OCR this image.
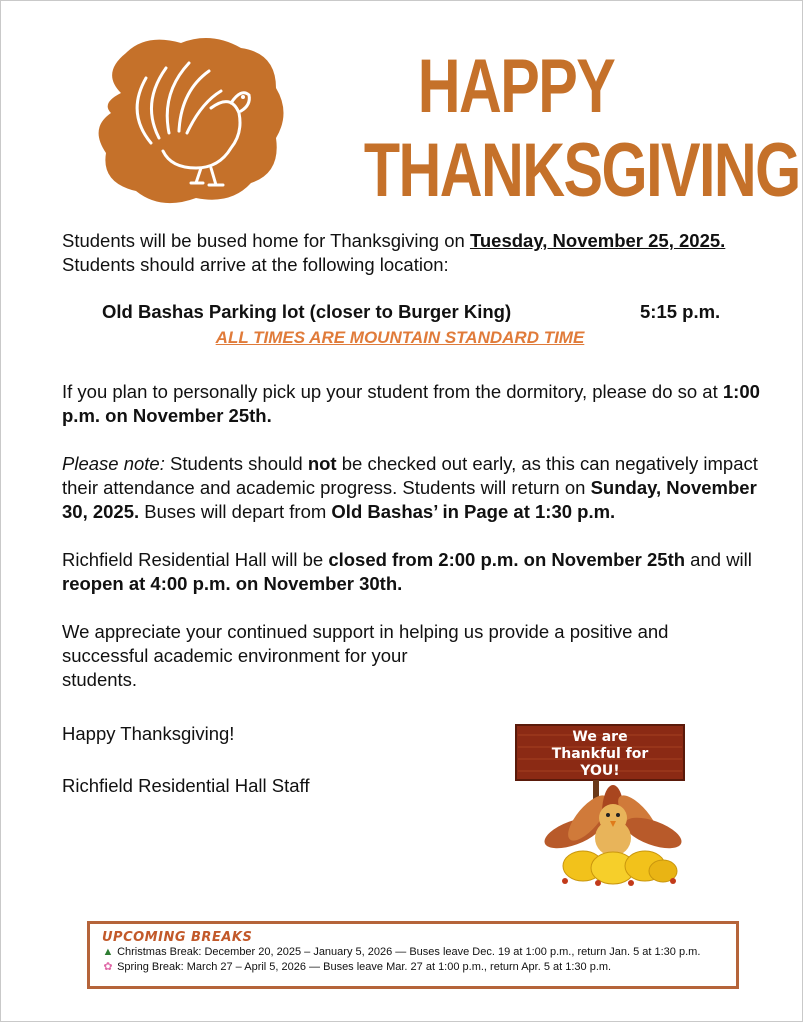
HAPPY
THANKSGIVING

Students will be bused home for Thanksgiving on Tuesday, November 25, 2025.
Students should arrive at the following location:

Old Bashas Parking lot (closer to Burger King)	5:15 p.m.

ALL TIMES ARE MOUNTAIN STANDARD TIME

If you plan to personally pick up your student from the dormitory, please do so at 1:00 p.m. on November 25th.

Please note: Students should not be checked out early, as this can negatively impact their attendance and academic progress. Students will return on Sunday, November 30, 2025. Buses will depart from Old Bashas’ in Page at 1:30 p.m.

Richfield Residential Hall will be closed from 2:00 p.m. on November 25th and will reopen at 4:00 p.m. on November 30th.

We appreciate your continued support in helping us provide a positive and
successful academic environment for your
students.

Happy Thanksgiving!

Richfield Residential Hall Staff

We are
Thankful for
YOU!
UPCOMING BREAKS
▲ Christmas Break: December 20, 2025 – January 5, 2026 — Buses leave Dec. 19 at 1:00 p.m., return Jan. 5 at 1:30 p.m.
✿ Spring Break: March 27 – April 5, 2026 — Buses leave Mar. 27 at 1:00 p.m., return Apr. 5 at 1:30 p.m.
